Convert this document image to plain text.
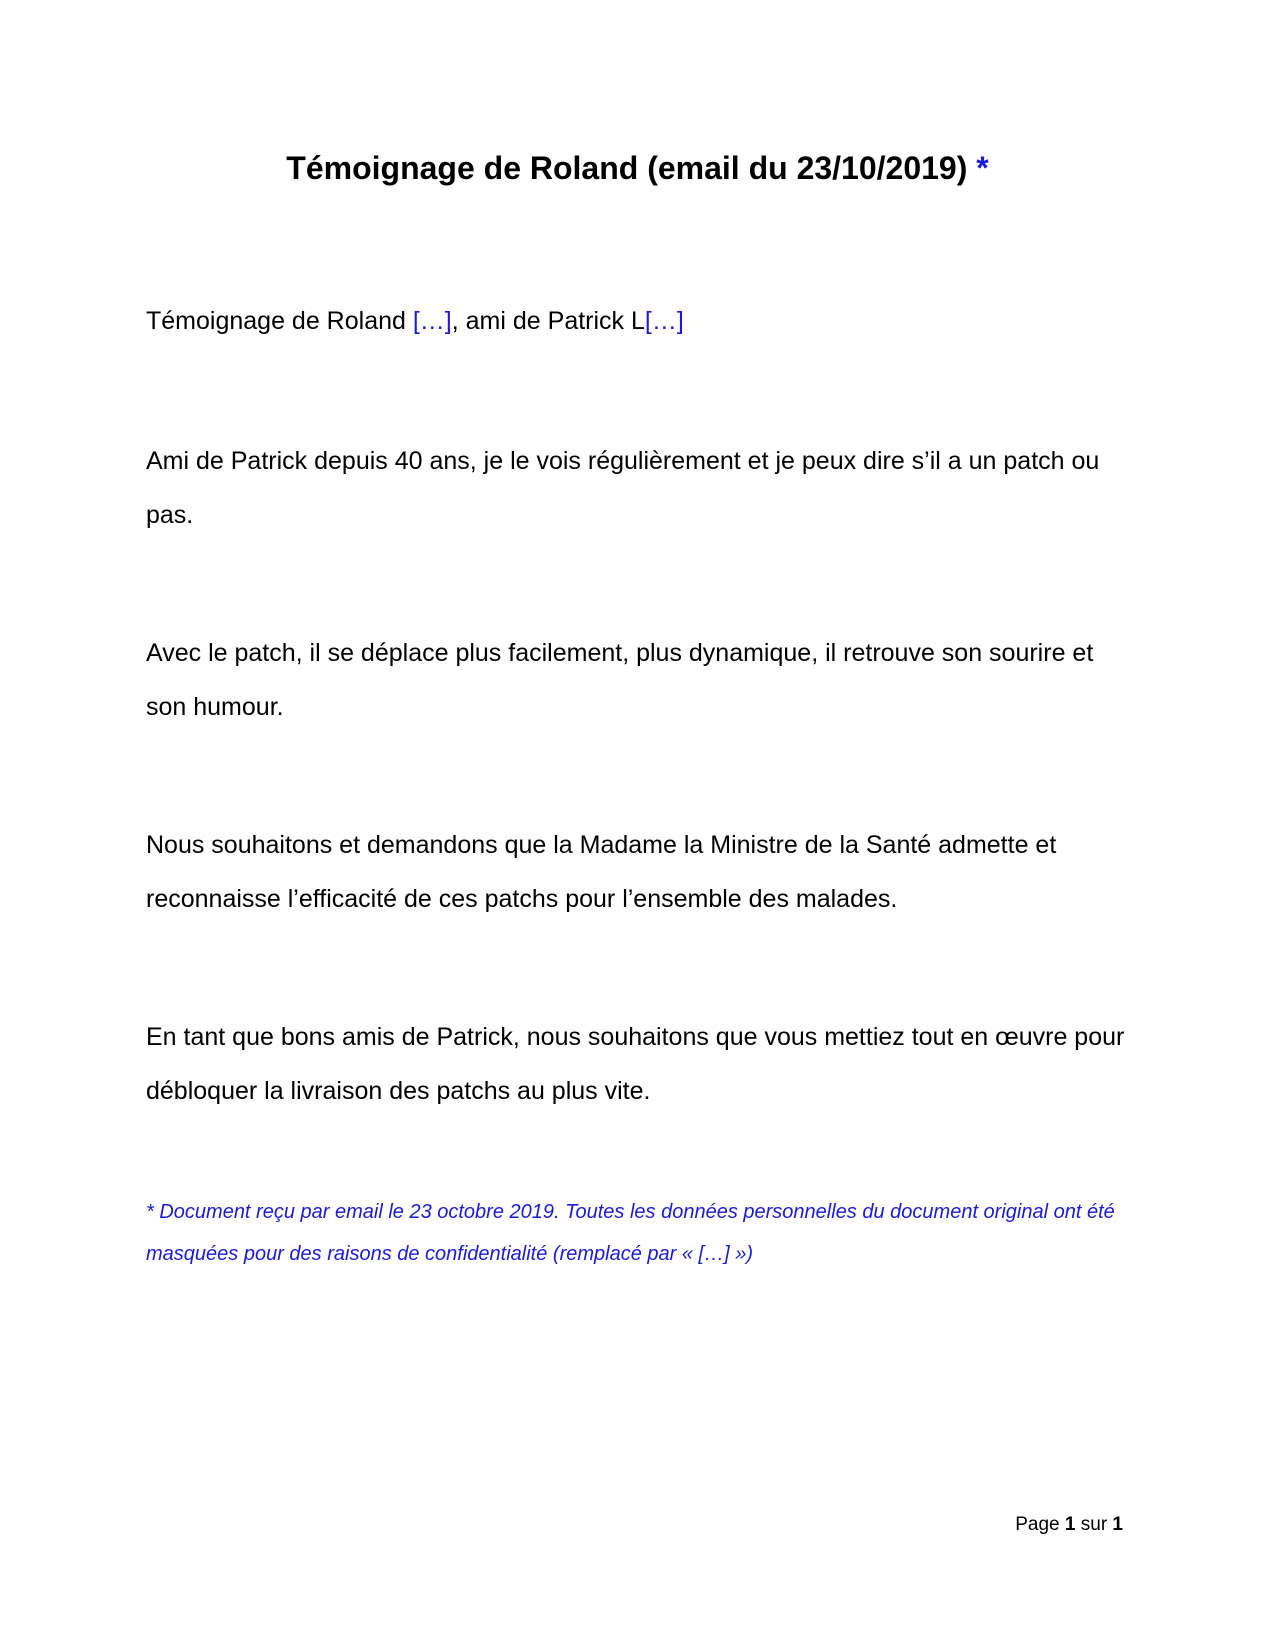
Témoignage de Roland (email du 23/10/2019) *
Témoignage de Roland […], ami de Patrick L[…]
Ami de Patrick depuis 40 ans, je le vois régulièrement et je peux dire s’il a un patch ou pas.
Avec le patch, il se déplace plus facilement, plus dynamique, il retrouve son sourire et son humour.
Nous souhaitons et demandons que la Madame la Ministre de la Santé admette et reconnaisse l’efficacité de ces patchs pour l’ensemble des malades.
En tant que bons amis de Patrick, nous souhaitons que vous mettiez tout en œuvre pour débloquer la livraison des patchs au plus vite.
* Document reçu par email le 23 octobre 2019. Toutes les données personnelles du document original ont été masquées pour des raisons de confidentialité (remplacé par « […] »)
Page 1 sur 1
